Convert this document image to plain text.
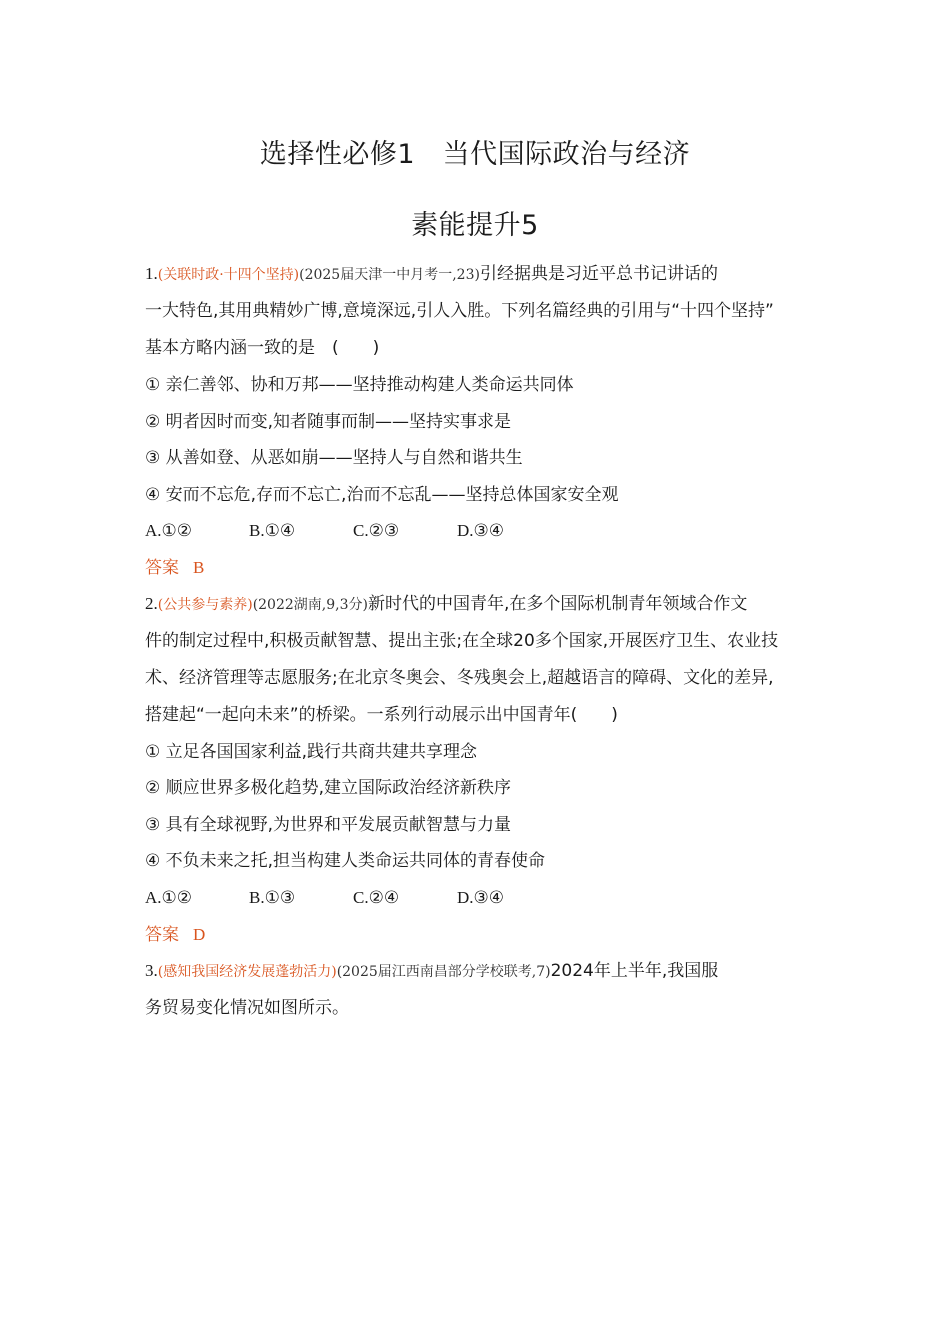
选择性必修1　当代国际政治与经济
素能提升5
1.(关联时政·十四个坚持)(2025届天津一中月考一,23)引经据典是习近平总书记讲话的
一大特色,其用典精妙广博,意境深远,引人入胜。下列名篇经典的引用与“十四个坚持”
基本方略内涵一致的是　(　　)
① 亲仁善邻、协和万邦——坚持推动构建人类命运共同体
② 明者因时而变,知者随事而制——坚持实事求是
③ 从善如登、从恶如崩——坚持人与自然和谐共生
④ 安而不忘危,存而不忘亡,治而不忘乱——坚持总体国家安全观
A.①②	B.①④	C.②③	D.③④
答案 B
2.(公共参与素养)(2022湖南,9,3分)新时代的中国青年,在多个国际机制青年领域合作文
件的制定过程中,积极贡献智慧、提出主张;在全球20多个国家,开展医疗卫生、农业技
术、经济管理等志愿服务;在北京冬奥会、冬残奥会上,超越语言的障碍、文化的差异,
搭建起“一起向未来”的桥梁。一系列行动展示出中国青年(　　)
① 立足各国国家利益,践行共商共建共享理念
② 顺应世界多极化趋势,建立国际政治经济新秩序
③ 具有全球视野,为世界和平发展贡献智慧与力量
④ 不负未来之托,担当构建人类命运共同体的青春使命
A.①②	B.①③	C.②④	D.③④
答案 D
3.(感知我国经济发展蓬勃活力)(2025届江西南昌部分学校联考,7)2024年上半年,我国服
务贸易变化情况如图所示。
